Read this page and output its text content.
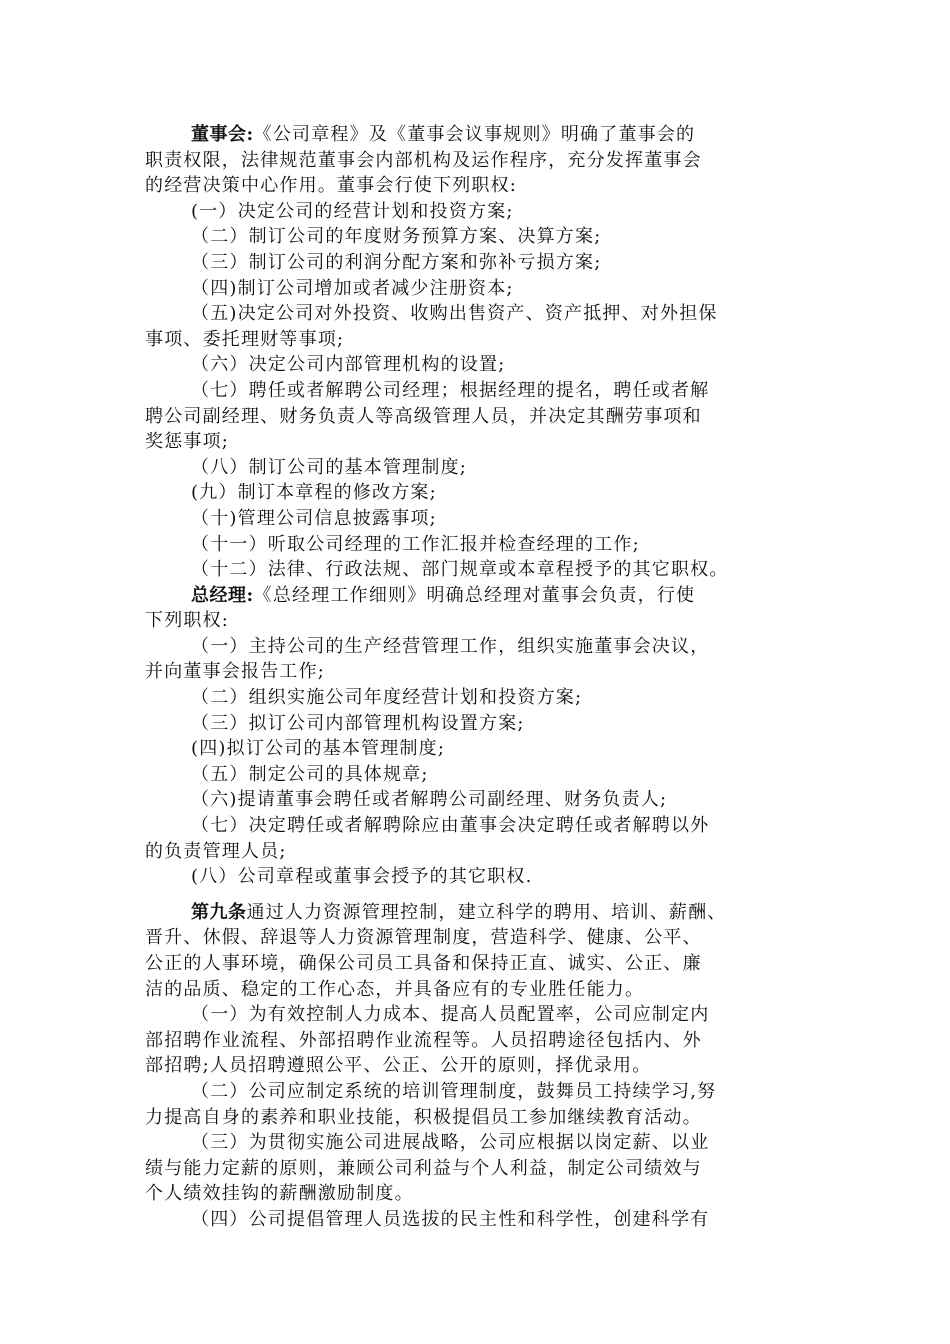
董事会:《公司章程》及《董事会议事规则》明确了董事会的
职责权限，法律规范董事会内部机构及运作程序，充分发挥董事会
的经营决策中心作用。董事会行使下列职权:
(一）决定公司的经营计划和投资方案;
（二）制订公司的年度财务预算方案、决算方案;
（三）制订公司的利润分配方案和弥补亏损方案;
（四)制订公司增加或者减少注册资本;
（五)决定公司对外投资、收购出售资产、资产抵押、对外担保
事项、委托理财等事项;
（六）决定公司内部管理机构的设置;
（七）聘任或者解聘公司经理；根据经理的提名，聘任或者解
聘公司副经理、财务负责人等高级管理人员，并决定其酬劳事项和
奖惩事项;
（八）制订公司的基本管理制度;
(九）制订本章程的修改方案;
（十)管理公司信息披露事项;
（十一）听取公司经理的工作汇报并检查经理的工作;
（十二）法律、行政法规、部门规章或本章程授予的其它职权。
总经理:《总经理工作细则》明确总经理对董事会负责，行使
下列职权:
（一）主持公司的生产经营管理工作，组织实施董事会决议，
并向董事会报告工作;
（二）组织实施公司年度经营计划和投资方案;
（三）拟订公司内部管理机构设置方案;
(四)拟订公司的基本管理制度;
（五）制定公司的具体规章;
（六)提请董事会聘任或者解聘公司副经理、财务负责人;
（七）决定聘任或者解聘除应由董事会决定聘任或者解聘以外
的负责管理人员;
(八）公司章程或董事会授予的其它职权.
第九条通过人力资源管理控制，建立科学的聘用、培训、薪酬、
晋升、休假、辞退等人力资源管理制度，营造科学、健康、公平、
公正的人事环境，确保公司员工具备和保持正直、诚实、公正、廉
洁的品质、稳定的工作心态，并具备应有的专业胜任能力。
（一）为有效控制人力成本、提高人员配置率，公司应制定内
部招聘作业流程、外部招聘作业流程等。人员招聘途径包括内、外
部招聘;人员招聘遵照公平、公正、公开的原则，择优录用。
（二）公司应制定系统的培训管理制度，鼓舞员工持续学习,努
力提高自身的素养和职业技能，积极提倡员工参加继续教育活动。
（三）为贯彻实施公司进展战略，公司应根据以岗定薪、以业
绩与能力定薪的原则，兼顾公司利益与个人利益，制定公司绩效与
个人绩效挂钩的薪酬激励制度。
（四）公司提倡管理人员选拔的民主性和科学性，创建科学有
